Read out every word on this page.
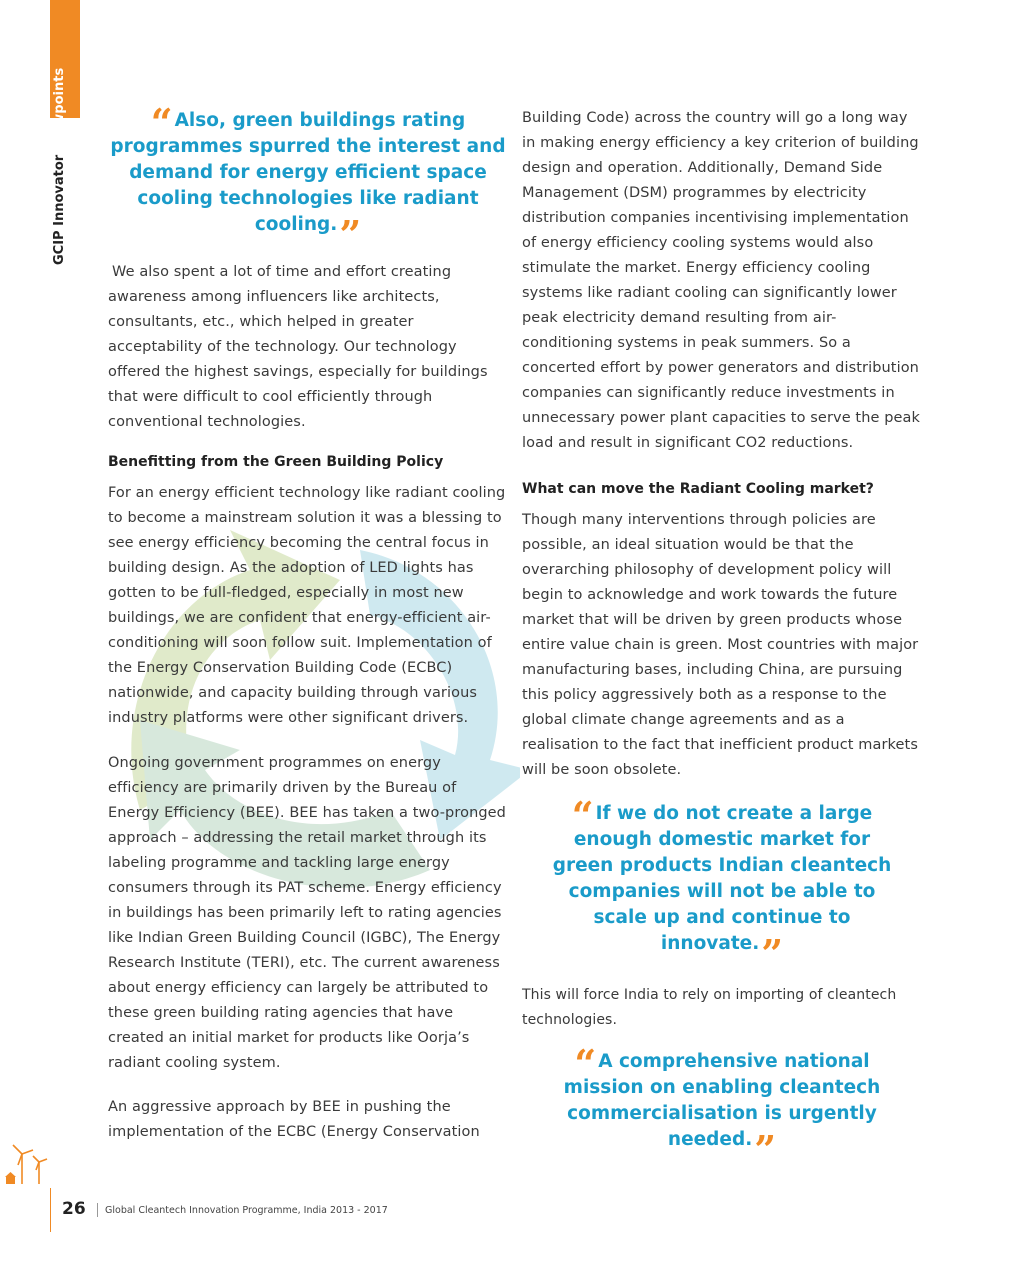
GCIP InnovatorViewpoints	“ Also, green buildings rating programmes spurred the interest and demand for energy efficient space cooling technologies like radiant cooling.”

We also spent a lot of time and effort creating awareness among influencers like architects, consultants, etc., which helped in greater acceptability of the technology. Our technology offered the highest savings, especially for buildings that were difficult to cool efficiently through conventional technologies.

Benefitting from the Green Building Policy

For an energy efficient technology like radiant cooling to become a mainstream solution it was a blessing to see energy efficiency becoming the central focus in building design. As the adoption of LED lights has gotten to be full-fledged, especially in most new buildings, we are confident that energy-efficient air-conditioning will soon follow suit. Implementation of the Energy Conservation Building Code (ECBC) nationwide, and capacity building through various industry platforms were other significant drivers.

Ongoing government programmes on energy efficiency are primarily driven by the Bureau of Energy Efficiency (BEE). BEE has taken a two-pronged approach – addressing the retail market through its labeling programme and tackling large energy consumers through its PAT scheme. Energy efficiency in buildings has been primarily left to rating agencies like Indian Green Building Council (IGBC), The Energy Research Institute (TERI), etc. The current awareness about energy efficiency can largely be attributed to these green building rating agencies that have created an initial market for products like Oorja’s radiant cooling system.

An aggressive approach by BEE in pushing the implementation of the ECBC (Energy Conservation

Building Code) across the country will go a long way in making energy efficiency a key criterion of building design and operation. Additionally, Demand Side Management (DSM) programmes by electricity distribution companies incentivising implementation of energy efficiency cooling systems would also stimulate the market. Energy efficiency cooling systems like radiant cooling can significantly lower peak electricity demand resulting from air-conditioning systems in peak summers. So a concerted effort by power generators and distribution companies can significantly reduce investments in unnecessary power plant capacities to serve the peak load and result in significant CO2 reductions.

What can move the Radiant Cooling market?

Though many interventions through policies are possible, an ideal situation would be that the overarching philosophy of development policy will begin to acknowledge and work towards the future market that will be driven by green products whose entire value chain is green. Most countries with major manufacturing bases, including China, are pursuing this policy aggressively both as a response to the global climate change agreements and as a realisation to the fact that inefficient product markets will be soon obsolete.

“ If we do not create a large enough domestic market for green products Indian cleantech companies will not be able to scale up and continue to innovate.”

This will force India to rely on importing of cleantech technologies.

“ A comprehensive national mission on enabling cleantech commercialisation is urgently needed.”
26 Global Cleantech Innovation Programme, India 2013 - 2017
